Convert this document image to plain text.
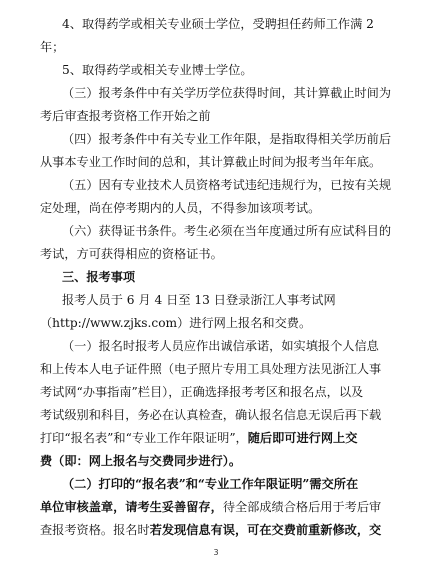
4、取得药学或相关专业硕士学位，受聘担任药师工作满 2
年；
5、取得药学或相关专业博士学位。
（三）报考条件中有关学历学位获得时间，其计算截止时间为
考后审查报考资格工作开始之前
（四）报考条件中有关专业工作年限，是指取得相关学历前后
从事本专业工作时间的总和，其计算截止时间为报考当年年底。
（五）因有专业技术人员资格考试违纪违规行为，已按有关规
定处理，尚在停考期内的人员，不得参加该项考试。
（六）获得证书条件。考生必须在当年度通过所有应试科目的
考试，方可获得相应的资格证书。
三、报考事项
报考人员于 6 月 4 日至 13 日登录浙江人事考试网
（http://www.zjks.com）进行网上报名和交费。
（一）报名时报考人员应作出诚信承诺，如实填报个人信息
和上传本人电子证件照（电子照片专用工具处理方法见浙江人事
考试网“办事指南”栏目），正确选择报考考区和报名点，以及
考试级别和科目，务必在认真检查，确认报名信息无误后再下载
打印“报名表”和“专业工作年限证明”，随后即可进行网上交
费（即：网上报名与交费同步进行）。
（二）打印的“报名表”和“专业工作年限证明”需交所在
单位审核盖章，请考生妥善留存，待全部成绩合格后用于考后审
查报考资格。报名时若发现信息有误，可在交费前重新修改，交
3
